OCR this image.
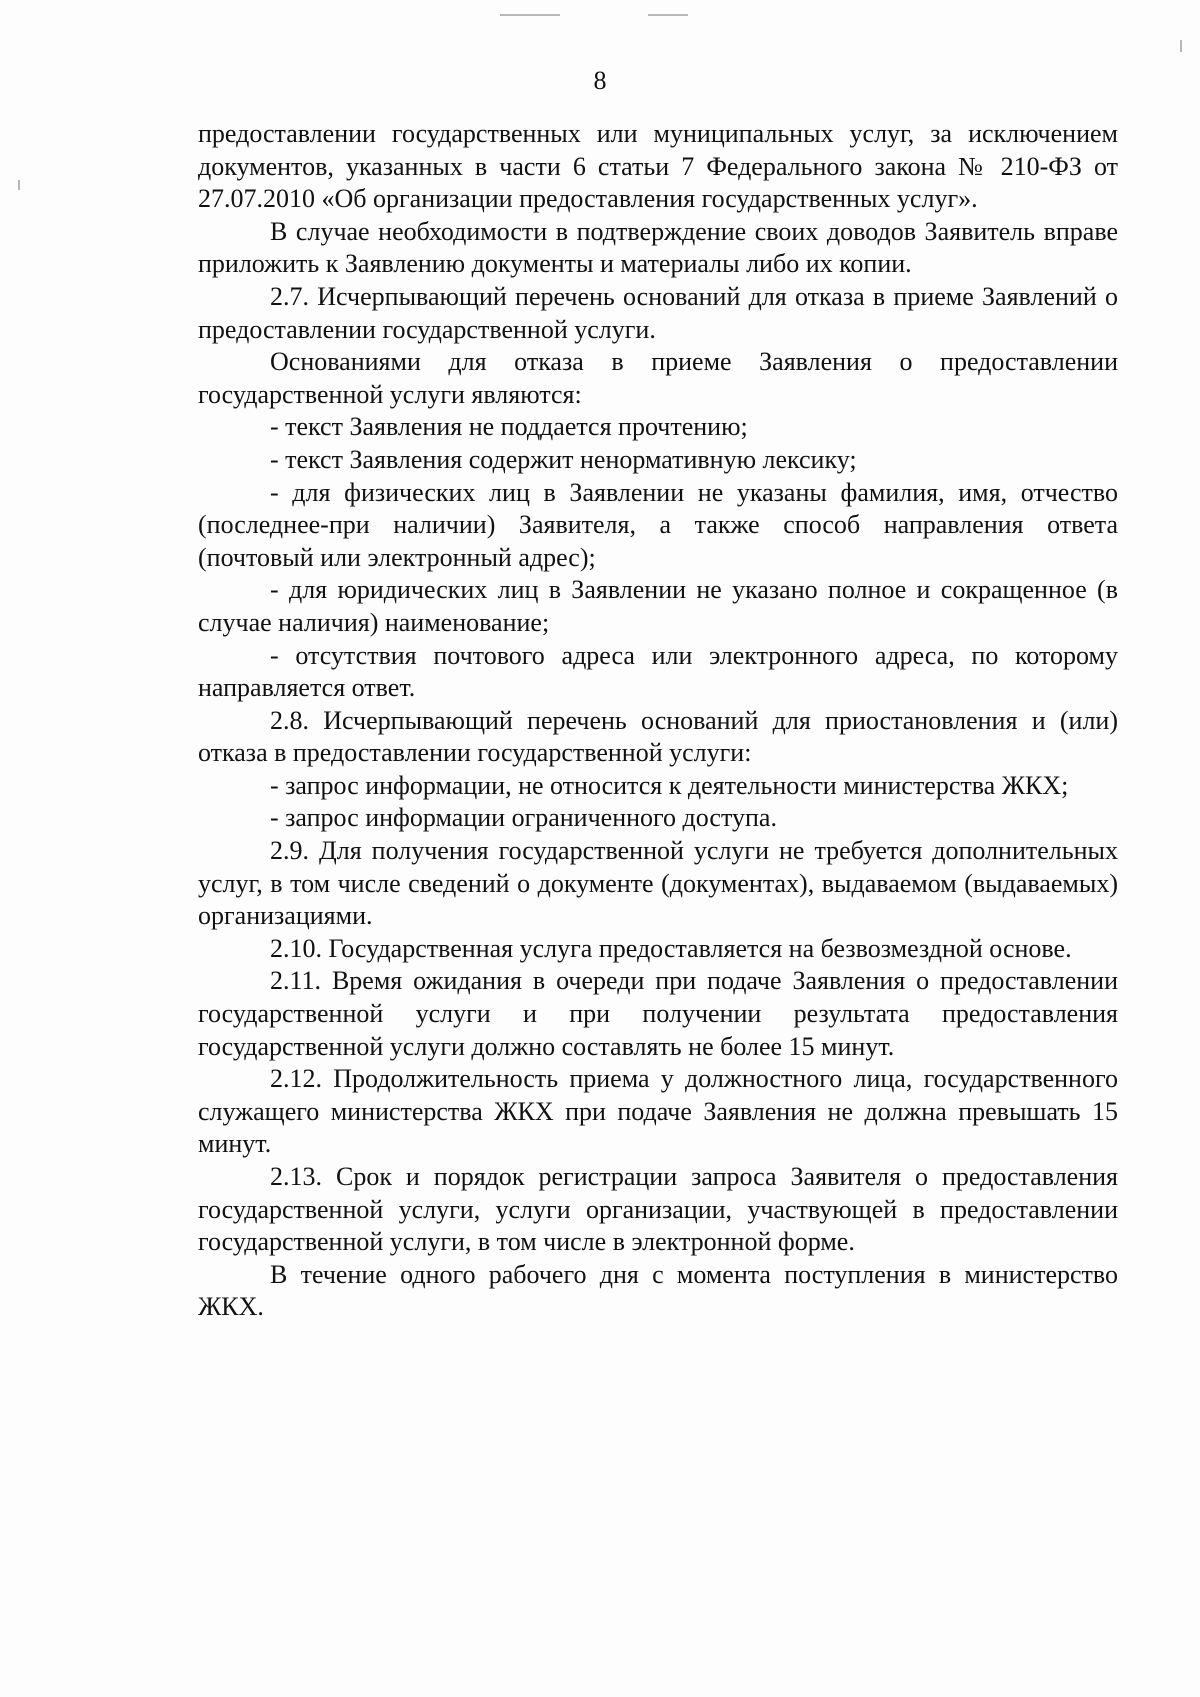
8

предоставлении государственных или муниципальных услуг, за исключением документов, указанных в части 6 статьи 7 Федерального закона № 210-ФЗ от 27.07.2010 «Об организации предоставления государственных услуг».

В случае необходимости в подтверждение своих доводов Заявитель вправе приложить к Заявлению документы и материалы либо их копии.

2.7. Исчерпывающий перечень оснований для отказа в приеме Заявлений о предоставлении государственной услуги.

Основаниями для отказа в приеме Заявления о предоставлении государственной услуги являются:

- текст Заявления не поддается прочтению;

- текст Заявления содержит ненормативную лексику;

- для физических лиц в Заявлении не указаны фамилия, имя, отчество (последнее-при наличии) Заявителя, а также способ направления ответа (почтовый или электронный адрес);

- для юридических лиц в Заявлении не указано полное и сокращенное (в случае наличия) наименование;

- отсутствия почтового адреса или электронного адреса, по которому направляется ответ.

2.8. Исчерпывающий перечень оснований для приостановления и (или) отказа в предоставлении государственной услуги:

- запрос информации, не относится к деятельности министерства ЖКХ;

- запрос информации ограниченного доступа.

2.9. Для получения государственной услуги не требуется дополнительных услуг, в том числе сведений о документе (документах), выдаваемом (выдаваемых) организациями.

2.10. Государственная услуга предоставляется на безвозмездной основе.

2.11. Время ожидания в очереди при подаче Заявления о предоставлении государственной услуги и при получении результата предоставления государственной услуги должно составлять не более 15 минут.

2.12. Продолжительность приема у должностного лица, государственного служащего министерства ЖКХ при подаче Заявления не должна превышать 15 минут.

2.13. Срок и порядок регистрации запроса Заявителя о предоставления государственной услуги, услуги организации, участвующей в предоставлении государственной услуги, в том числе в электронной форме.

В течение одного рабочего дня с момента поступления в министерство ЖКХ.
